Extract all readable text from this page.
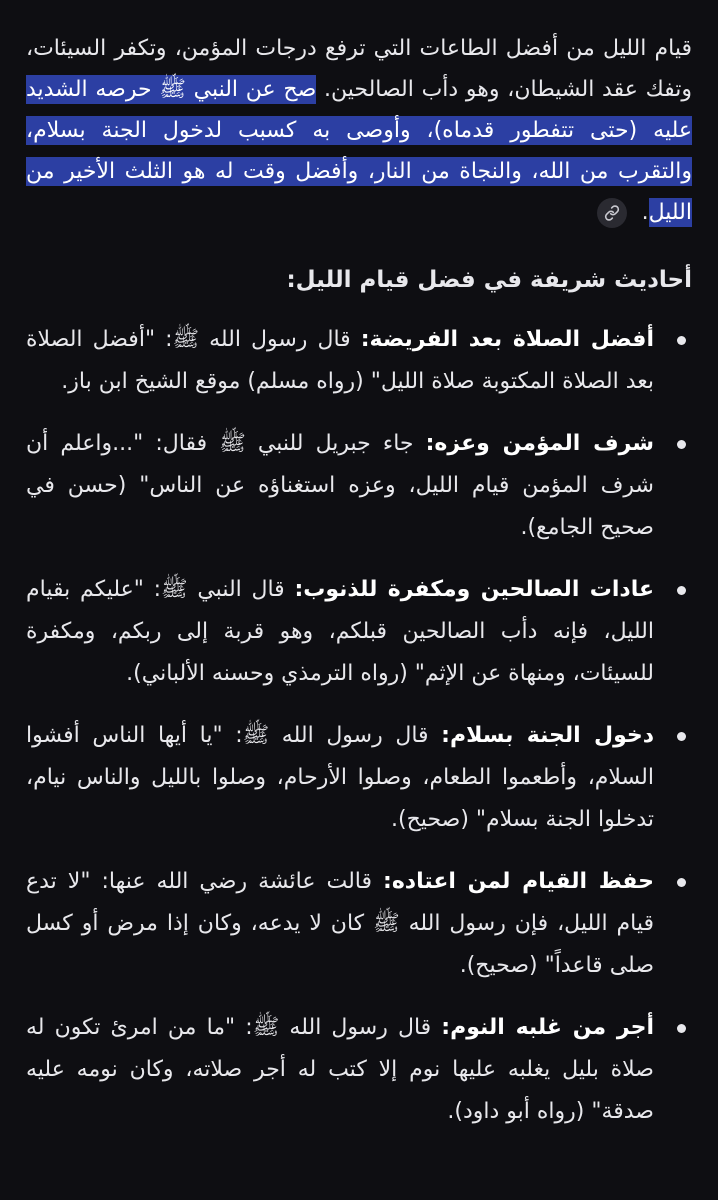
قيام الليل من أفضل الطاعات التي ترفع درجات المؤمن، وتكفر السيئات، وتفك عقد الشيطان، وهو دأب الصالحين. صح عن النبي ﷺ حرصه الشديد عليه (حتى تتفطور قدماه)، وأوصى به كسبب لدخول الجنة بسلام، والتقرب من الله، والنجاة من النار، وأفضل وقت له هو الثلث الأخير من الليل.

أحاديث شريفة في فضل قيام الليل:
أفضل الصلاة بعد الفريضة: قال رسول الله ﷺ: "أفضل الصلاة بعد الصلاة المكتوبة صلاة الليل" (رواه مسلم) موقع الشيخ ابن باز.
شرف المؤمن وعزه: جاء جبريل للنبي ﷺ فقال: "...واعلم أن شرف المؤمن قيام الليل، وعزه استغناؤه عن الناس" (حسن في صحيح الجامع).
عادات الصالحين ومكفرة للذنوب: قال النبي ﷺ: "عليكم بقيام الليل، فإنه دأب الصالحين قبلكم، وهو قربة إلى ربكم، ومكفرة للسيئات، ومنهاة عن الإثم" (رواه الترمذي وحسنه الألباني).
دخول الجنة بسلام: قال رسول الله ﷺ: "يا أيها الناس أفشوا السلام، وأطعموا الطعام، وصلوا الأرحام، وصلوا بالليل والناس نيام، تدخلوا الجنة بسلام" (صحيح).
حفظ القيام لمن اعتاده: قالت عائشة رضي الله عنها: "لا تدع قيام الليل، فإن رسول الله ﷺ كان لا يدعه، وكان إذا مرض أو كسل صلى قاعداً" (صحيح).
أجر من غلبه النوم: قال رسول الله ﷺ: "ما من امرئ تكون له صلاة بليل يغلبه عليها نوم إلا كتب له أجر صلاته، وكان نومه عليه صدقة" (رواه أبو داود).
